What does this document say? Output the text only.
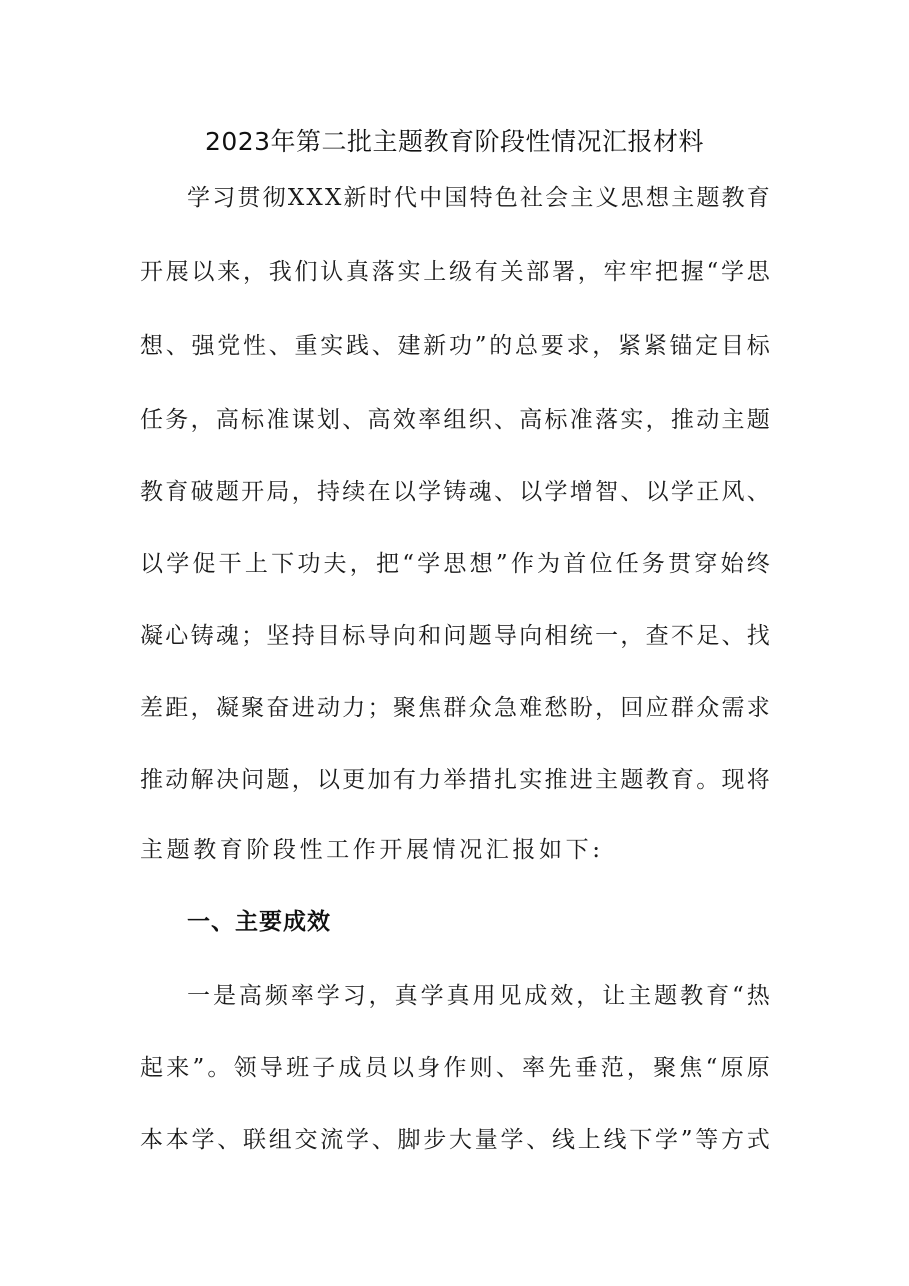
2023年第二批主题教育阶段性情况汇报材料
学 习 贯 彻 X X X 新 时 代 中 国 特 色 社 会 主 义 思 想 主 题 教 育
开 展 以 来 ， 我 们 认 真 落 实 上 级 有 关 部 署 ， 牢 牢 把 握 “ 学 思
想 、 强 党 性 、 重 实 践 、 建 新 功 ” 的 总 要 求 ， 紧 紧 锚 定 目 标
任 务 ， 高 标 准 谋 划 、 高 效 率 组 织 、 高 标 准 落 实 ， 推 动 主 题
教 育 破 题 开 局 ， 持 续 在 以 学 铸 魂 、 以 学 增 智 、 以 学 正 风 、
以 学 促 干 上 下 功 夫 ， 把 “ 学 思 想 ” 作 为 首 位 任 务 贯 穿 始 终
凝 心 铸 魂 ； 坚 持 目 标 导 向 和 问 题 导 向 相 统 一 ， 查 不 足 、 找
差 距 ， 凝 聚 奋 进 动 力 ； 聚 焦 群 众 急 难 愁 盼 ， 回 应 群 众 需 求
推 动 解 决 问 题 ， 以 更 加 有 力 举 措 扎 实 推 进 主 题 教 育 。 现 将
主题教育阶段性工作开展情况汇报如下:
一、主要成效
一 是 高 频 率 学 习 ， 真 学 真 用 见 成 效 ， 让 主 题 教 育 “ 热
起 来 ” 。 领 导 班 子 成 员 以 身 作 则 、 率 先 垂 范 ， 聚 焦 “ 原 原
本 本 学 、 联 组 交 流 学 、 脚 步 大 量 学 、 线 上 线 下 学 ” 等 方 式
